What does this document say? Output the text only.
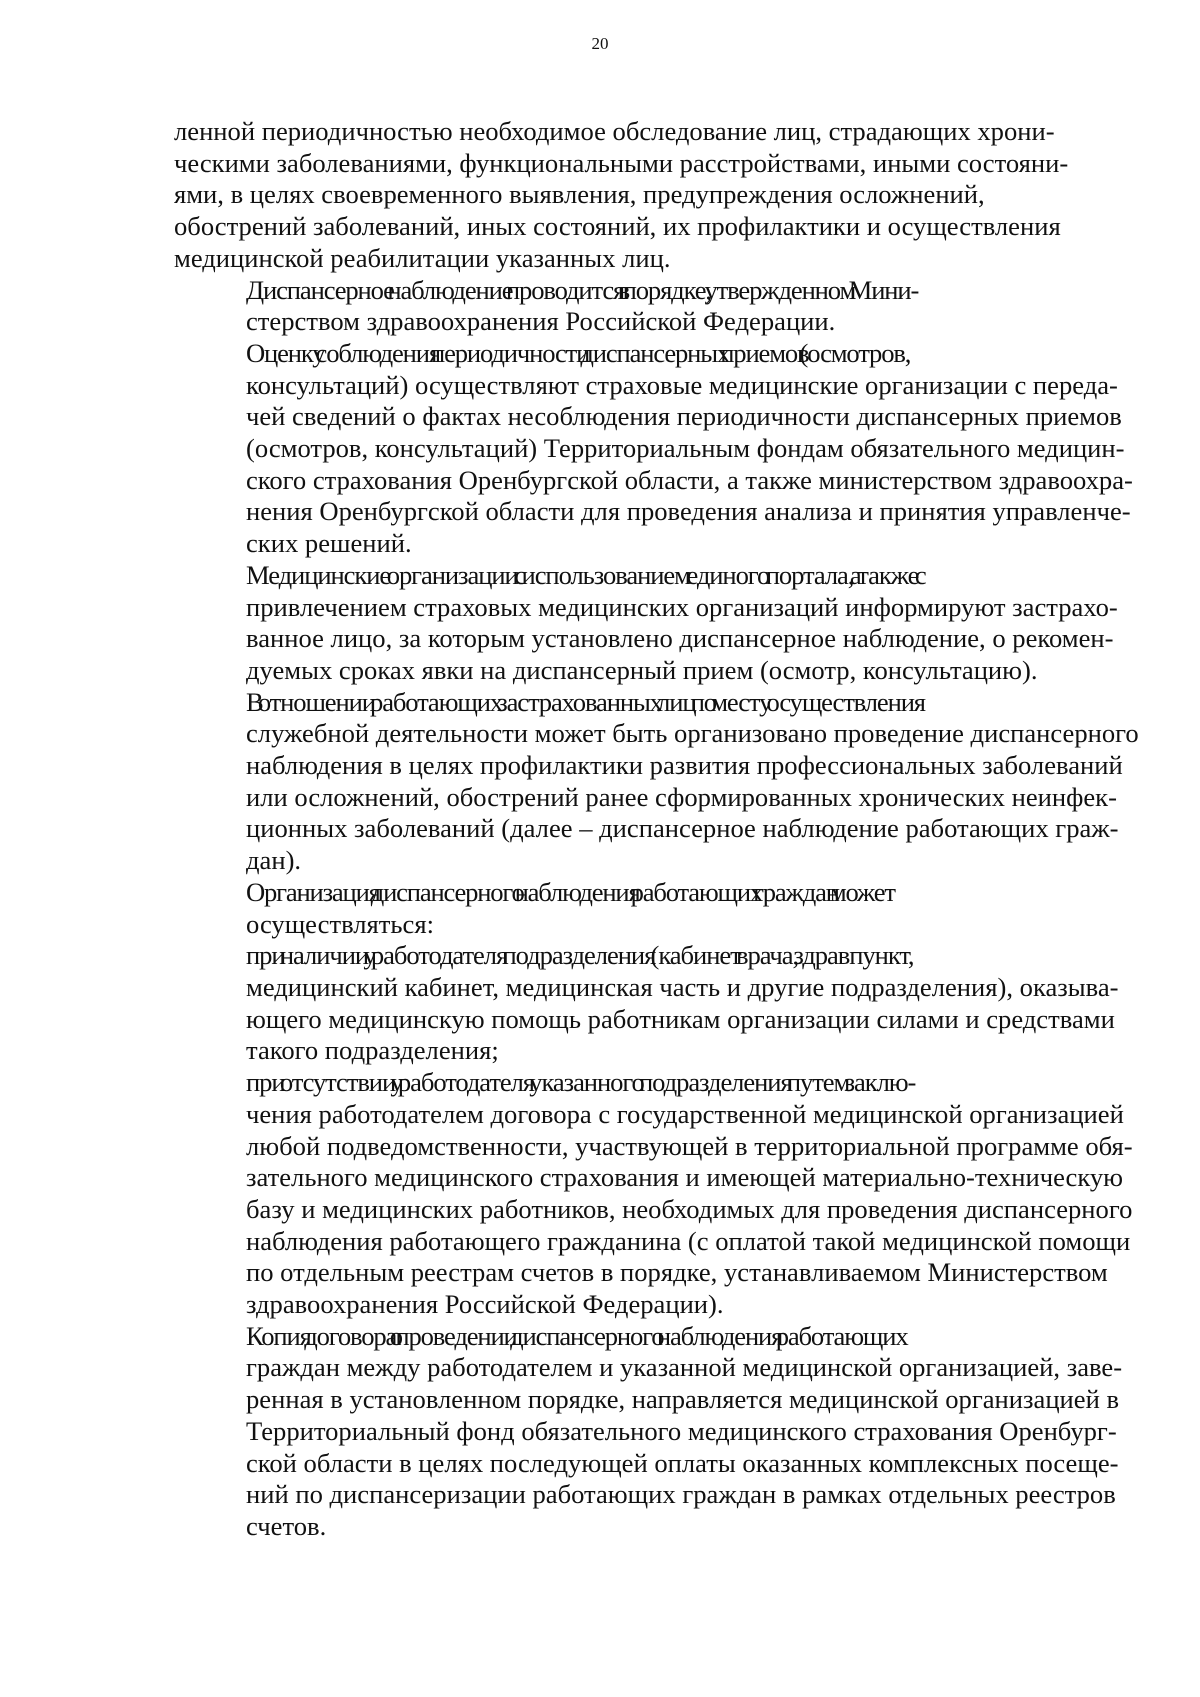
20

ленной периодичностью необходимое обследование лиц, страдающих хрони-
ческими заболеваниями, функциональными расстройствами, иными состояни-
ями, в целях своевременного выявления, предупреждения осложнений,
обострений заболеваний, иных состояний, их профилактики и осуществления
медицинской реабилитации указанных лиц.

Диспансерное наблюдение проводится в порядке, утвержденном Мини-
стерством здравоохранения Российской Федерации.

Оценку соблюдения периодичности диспансерных приемов (осмотров,
консультаций) осуществляют страховые медицинские организации с переда-
чей сведений о фактах несоблюдения периодичности диспансерных приемов
(осмотров, консультаций) Территориальным фондам обязательного медицин-
ского страхования Оренбургской области, а также министерством здравоохра-
нения Оренбургской области для проведения анализа и принятия управленче-
ских решений.

Медицинские организации с использованием единого портала, а также с
привлечением страховых медицинских организаций информируют застрахо-
ванное лицо, за которым установлено диспансерное наблюдение, о рекомен-
дуемых сроках явки на диспансерный прием (осмотр, консультацию).

В отношении работающих застрахованных лиц по месту осуществления
служебной деятельности может быть организовано проведение диспансерного
наблюдения в целях профилактики развития профессиональных заболеваний
или осложнений, обострений ранее сформированных хронических неинфек-
ционных заболеваний (далее – диспансерное наблюдение работающих граж-
дан).

Организация диспансерного наблюдения работающих граждан может
осуществляться:

при наличии у работодателя подразделения (кабинет врача, здравпункт,
медицинский кабинет, медицинская часть и другие подразделения), оказыва-
ющего медицинскую помощь работникам организации силами и средствами
такого подразделения;

при отсутствии у работодателя указанного подразделения путем заклю-
чения работодателем договора с государственной медицинской организацией
любой подведомственности, участвующей в территориальной программе обя-
зательного медицинского страхования и имеющей материально-техническую
базу и медицинских работников, необходимых для проведения диспансерного
наблюдения работающего гражданина (с оплатой такой медицинской помощи
по отдельным реестрам счетов в порядке, устанавливаемом Министерством
здравоохранения Российской Федерации).

Копия договора о проведении диспансерного наблюдения работающих
граждан между работодателем и указанной медицинской организацией, заве-
ренная в установленном порядке, направляется медицинской организацией в
Территориальный фонд обязательного медицинского страхования Оренбург-
ской области в целях последующей оплаты оказанных комплексных посеще-
ний по диспансеризации работающих граждан в рамках отдельных реестров
счетов.
